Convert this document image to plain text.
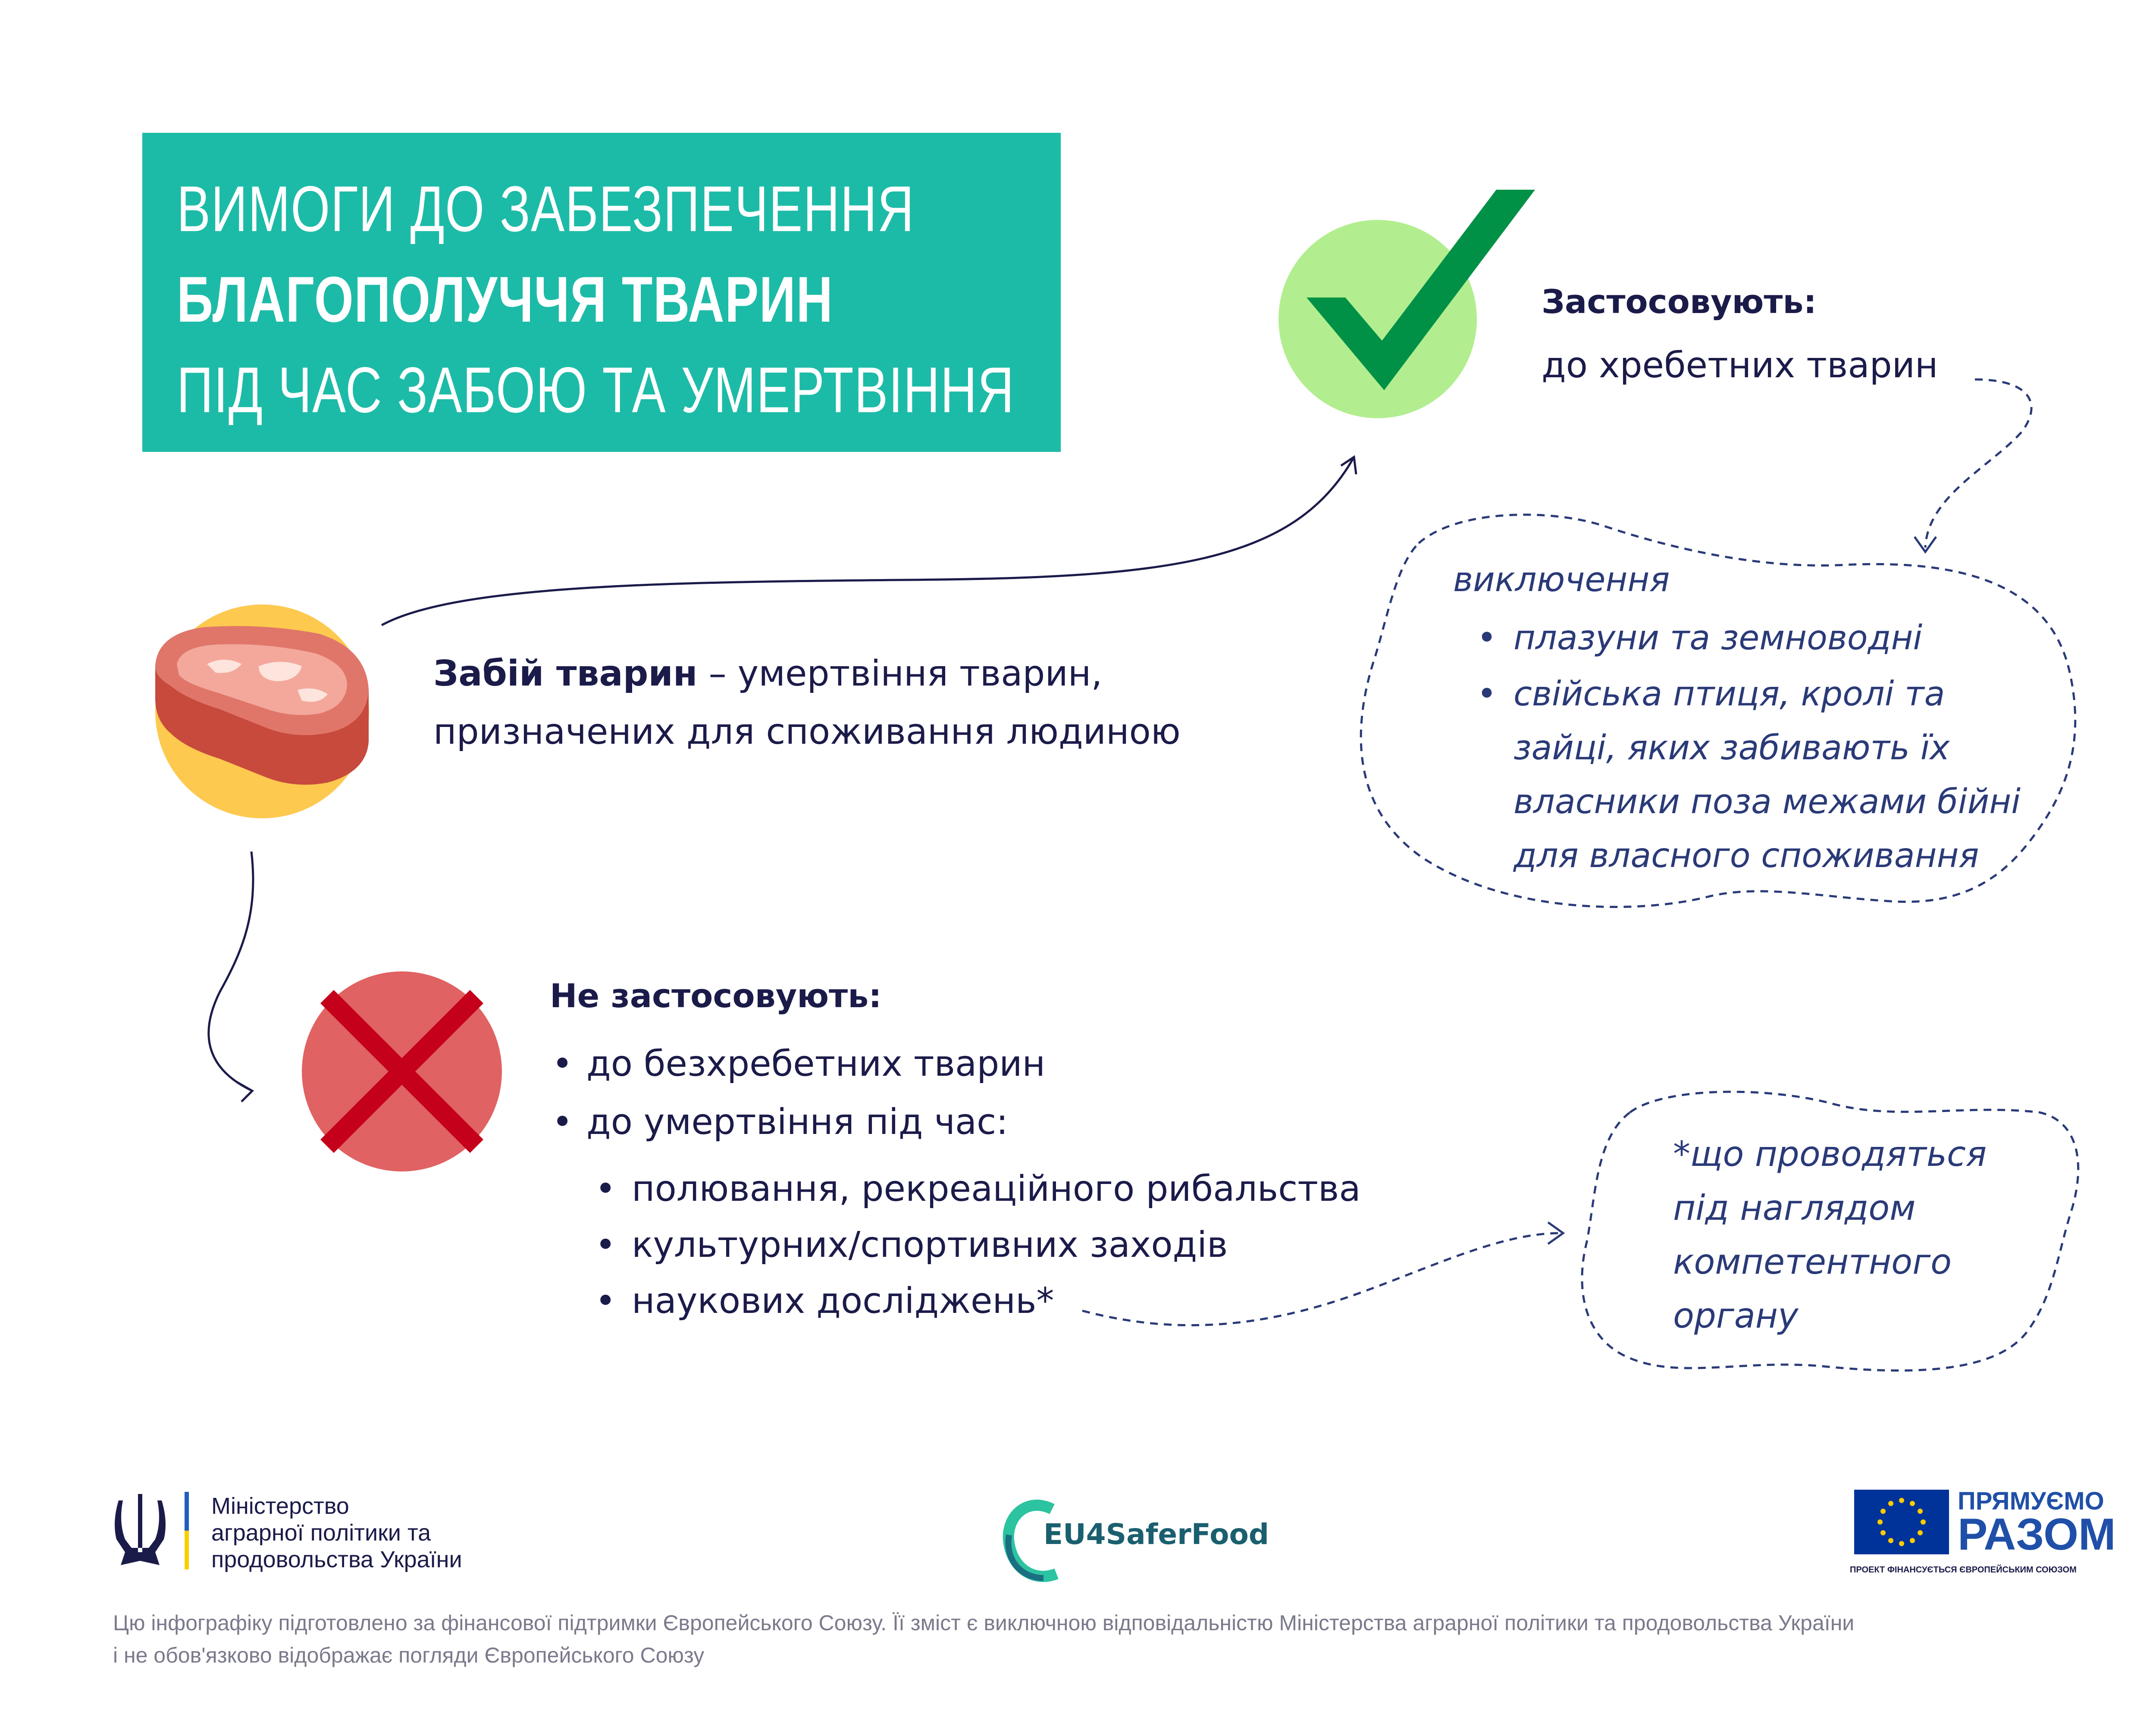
ВИМОГИ ДО ЗАБЕЗПЕЧЕННЯ
БЛАГОПОЛУЧЧЯ ТВАРИН
ПІД ЧАС ЗАБОЮ ТА УМЕРТВІННЯ
Забій тварин – умертвіння тварин,
призначених для споживання людиною
Застосовують:
до хребетних тварин
виключення
• плазуни та земноводні
• свійська птиця, кролі та
зайці, яких забивають їх
власники поза межами бійні
для власного споживання
Не застосовують:
• до безхребетних тварин
• до умертвіння під час:
• полювання, рекреаційного рибальства
• культурних/спортивних заходів
• наукових досліджень*
*що проводяться
під наглядом
компетентного
органу
Міністерство
аграрної політики та
продовольства України
EU4SaferFood
ПРЯМУЄМО
РАЗОМ
ПРОЕКТ ФІНАНСУЄТЬСЯ ЄВРОПЕЙСЬКИМ СОЮЗОМ
Цю інфографіку підготовлено за фінансової підтримки Європейського Союзу. Її зміст є виключною відповідальністю Міністерства аграрної політики та продовольства України
і не обов'язково відображає погляди Європейського Союзу
